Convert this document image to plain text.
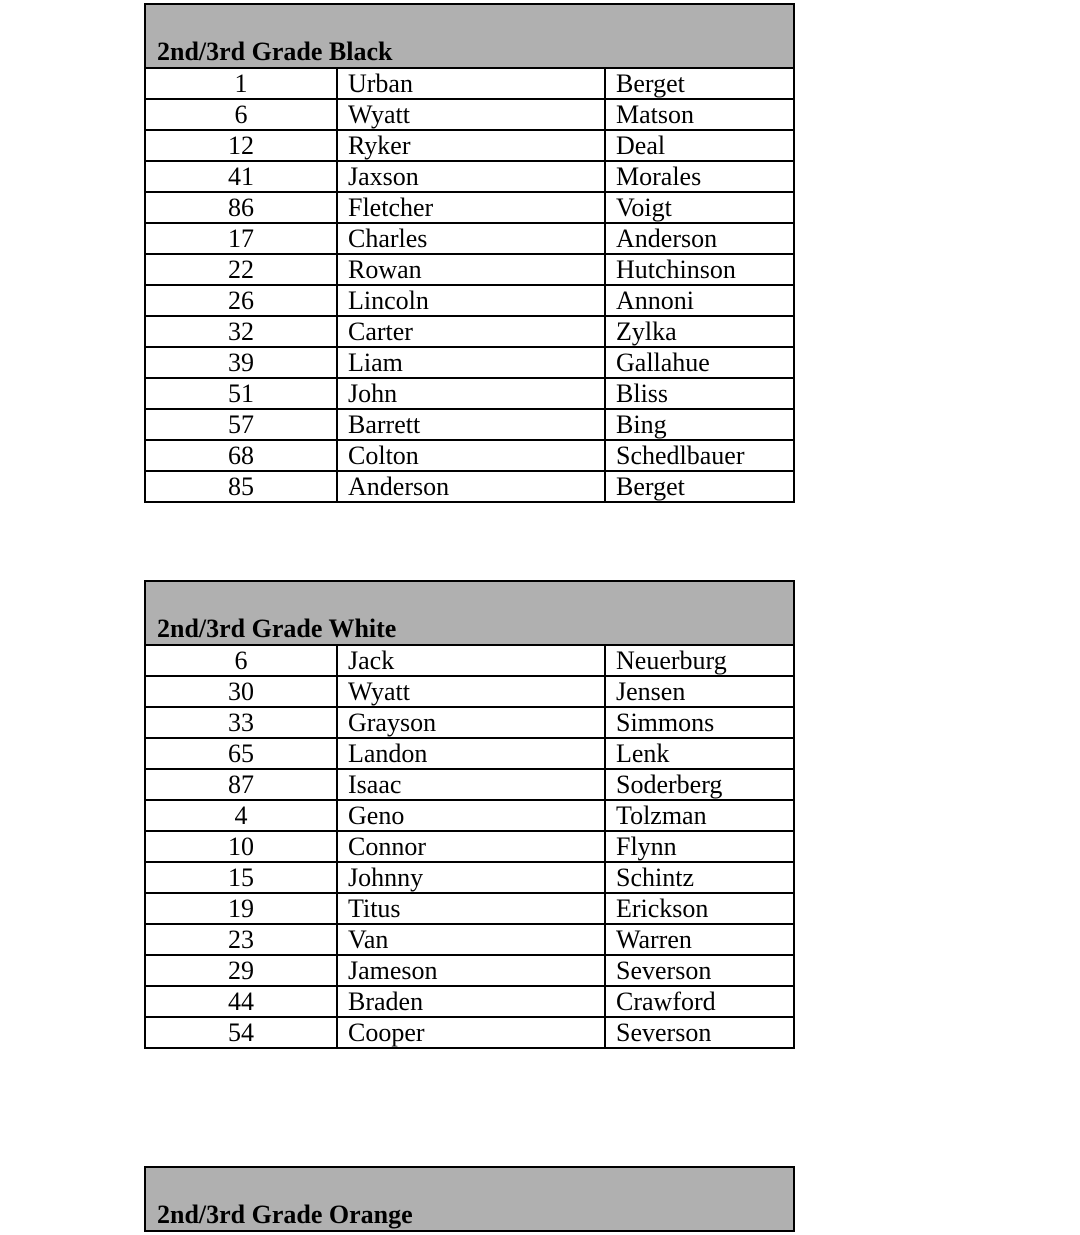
2nd/3rd Grade Black		
1	Urban	Berget
6	Wyatt	Matson
12	Ryker	Deal
41	Jaxson	Morales
86	Fletcher	Voigt
17	Charles	Anderson
22	Rowan	Hutchinson
26	Lincoln	Annoni
32	Carter	Zylka
39	Liam	Gallahue
51	John	Bliss
57	Barrett	Bing
68	Colton	Schedlbauer
85	Anderson	Berget
2nd/3rd Grade White		
6	Jack	Neuerburg
30	Wyatt	Jensen
33	Grayson	Simmons
65	Landon	Lenk
87	Isaac	Soderberg
4	Geno	Tolzman
10	Connor	Flynn
15	Johnny	Schintz
19	Titus	Erickson
23	Van	Warren
29	Jameson	Severson
44	Braden	Crawford
54	Cooper	Severson
2nd/3rd Grade Orange
